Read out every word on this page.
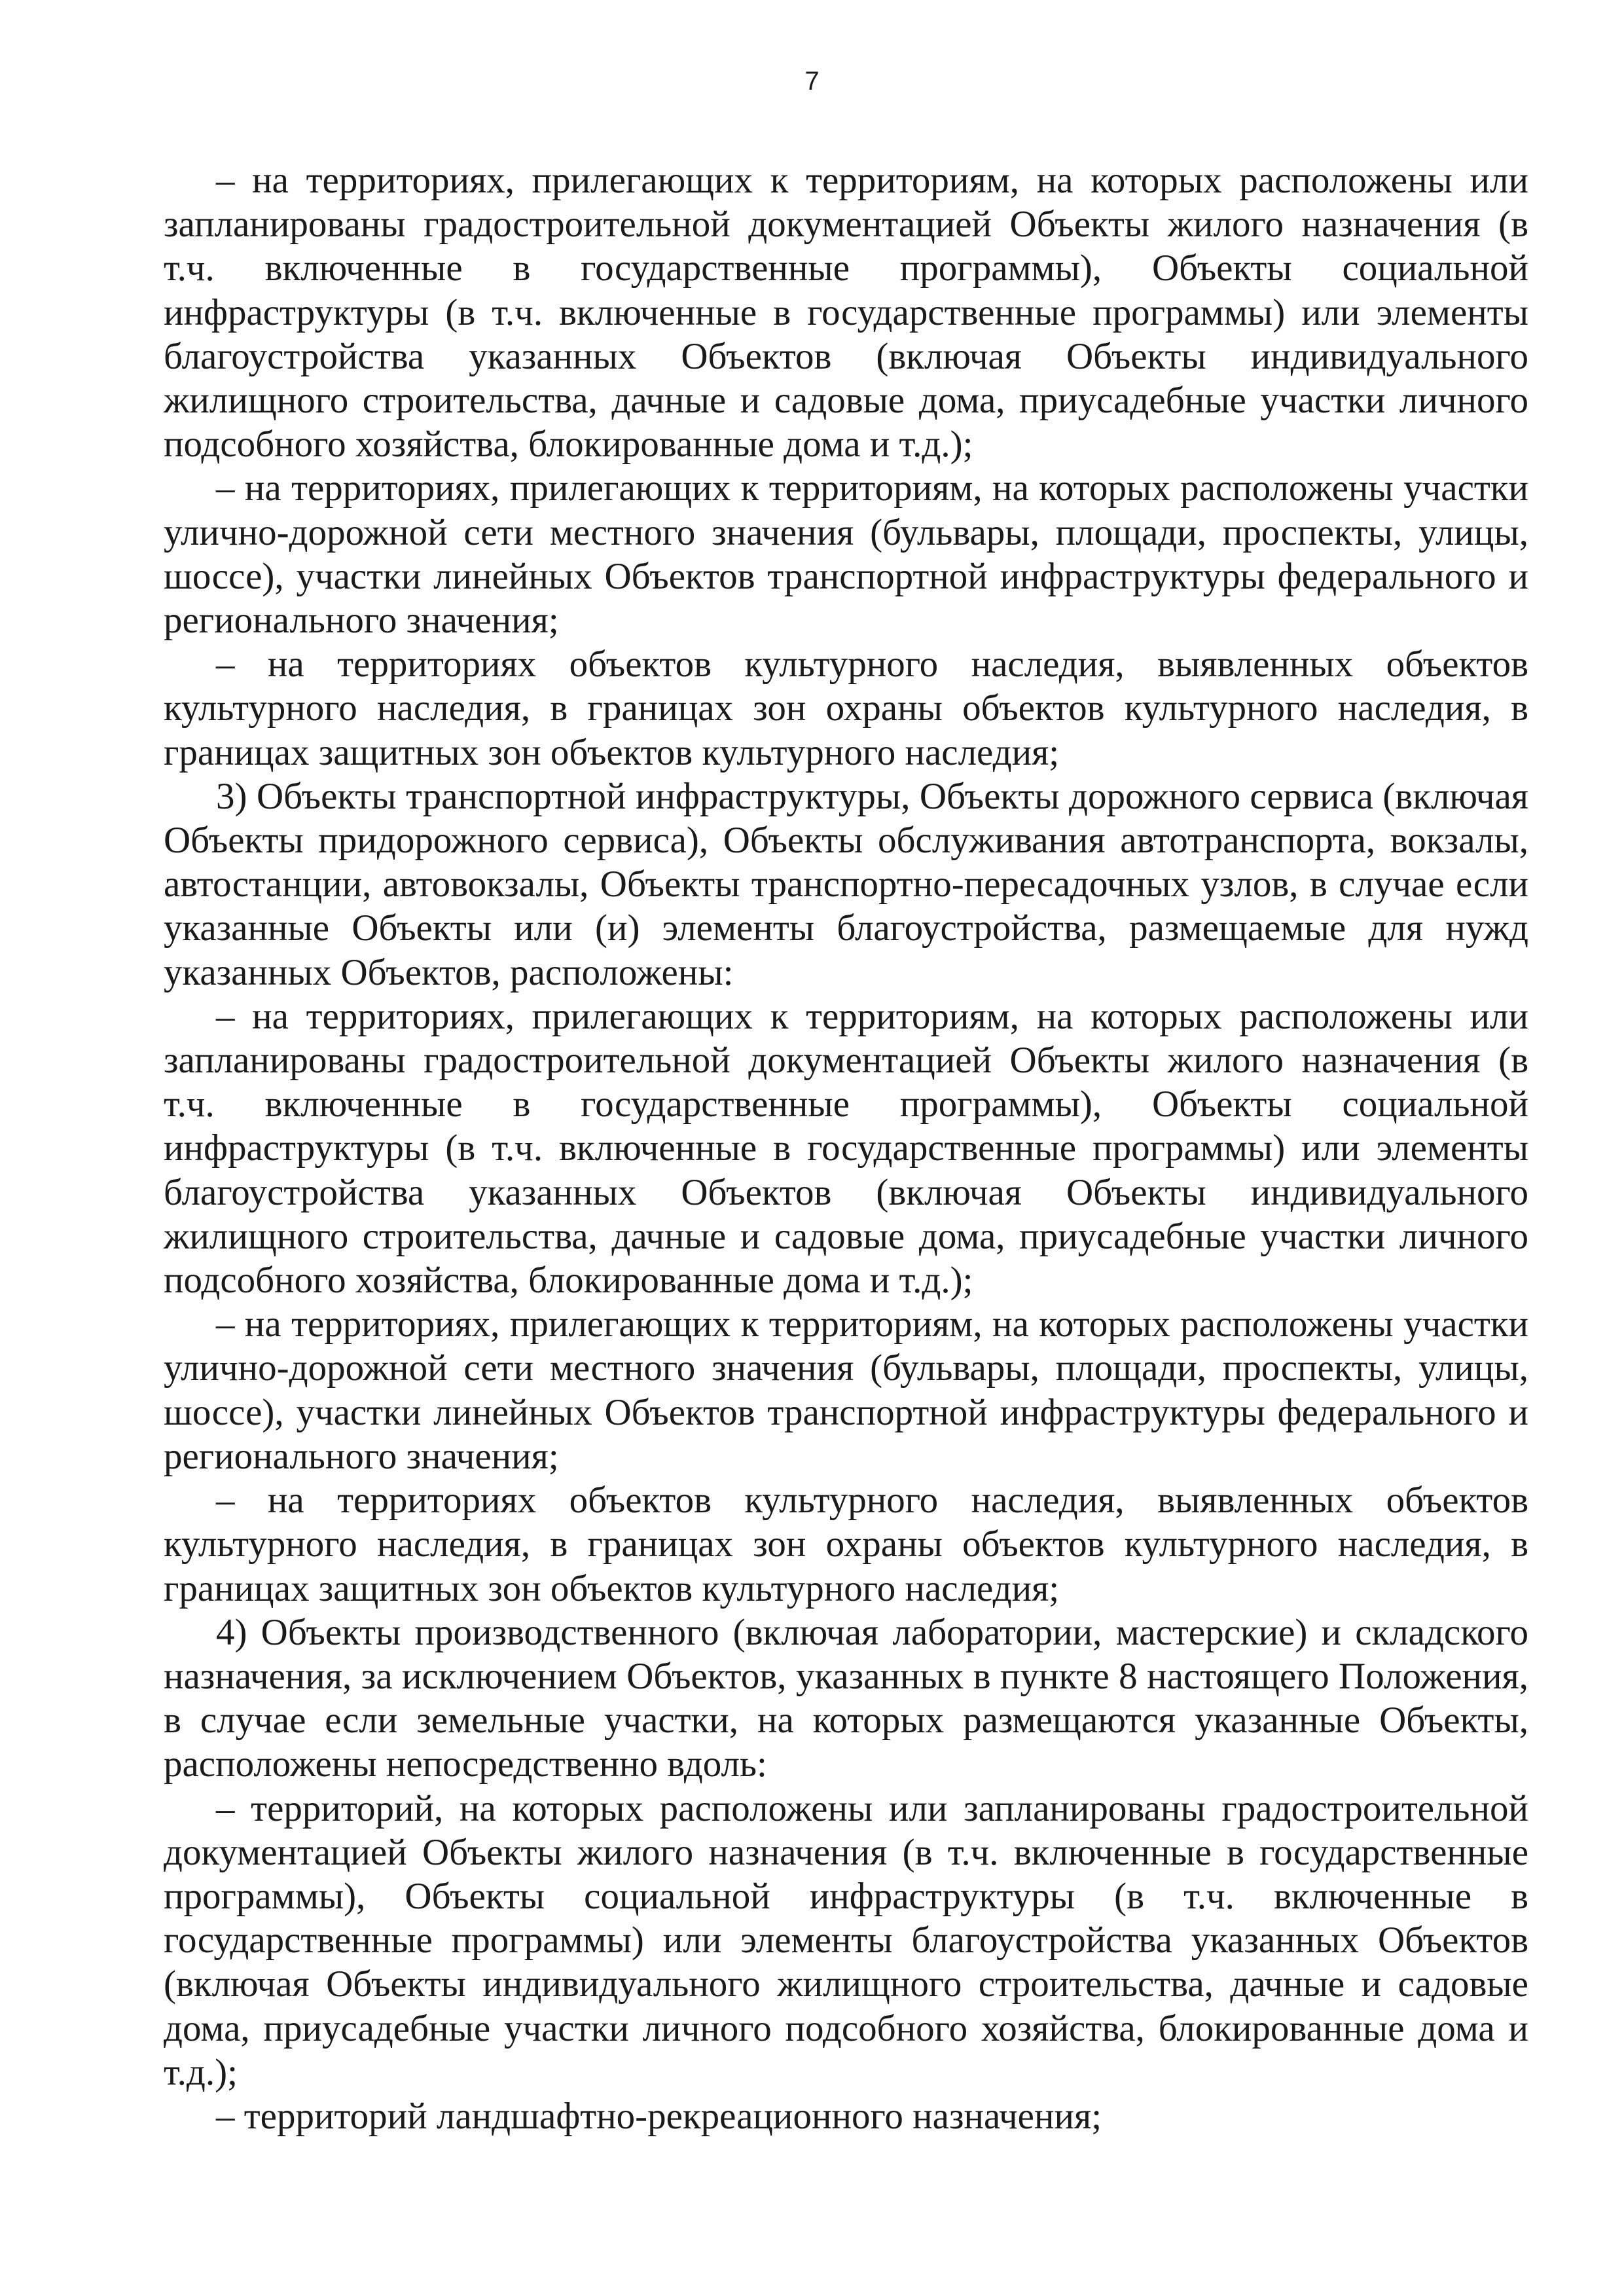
7

– на территориях, прилегающих к территориям, на которых расположены или запланированы градостроительной документацией Объекты жилого назначения (в т.ч. включенные в государственные программы), Объекты социальной инфраструктуры (в т.ч. включенные в государственные программы) или элементы благоустройства указанных Объектов (включая Объекты индивидуального жилищного строительства, дачные и садовые дома, приусадебные участки личного подсобного хозяйства, блокированные дома и т.д.);

– на территориях, прилегающих к территориям, на которых расположены участки улично-дорожной сети местного значения (бульвары, площади, проспекты, улицы, шоссе), участки линейных Объектов транспортной инфраструктуры федерального и регионального значения;

– на территориях объектов культурного наследия, выявленных объектов культурного наследия, в границах зон охраны объектов культурного наследия, в границах защитных зон объектов культурного наследия;

3) Объекты транспортной инфраструктуры, Объекты дорожного сервиса (включая Объекты придорожного сервиса), Объекты обслуживания автотранспорта, вокзалы, автостанции, автовокзалы, Объекты транспортно-пересадочных узлов, в случае если указанные Объекты или (и) элементы благоустройства, размещаемые для нужд указанных Объектов, расположены:

– на территориях, прилегающих к территориям, на которых расположены или запланированы градостроительной документацией Объекты жилого назначения (в т.ч. включенные в государственные программы), Объекты социальной инфраструктуры (в т.ч. включенные в государственные программы) или элементы благоустройства указанных Объектов (включая Объекты индивидуального жилищного строительства, дачные и садовые дома, приусадебные участки личного подсобного хозяйства, блокированные дома и т.д.);

– на территориях, прилегающих к территориям, на которых расположены участки улично-дорожной сети местного значения (бульвары, площади, проспекты, улицы, шоссе), участки линейных Объектов транспортной инфраструктуры федерального и регионального значения;

– на территориях объектов культурного наследия, выявленных объектов культурного наследия, в границах зон охраны объектов культурного наследия, в границах защитных зон объектов культурного наследия;

4) Объекты производственного (включая лаборатории, мастерские) и складского назначения, за исключением Объектов, указанных в пункте 8 настоящего Положения, в случае если земельные участки, на которых размещаются указанные Объекты, расположены непосредственно вдоль:

– территорий, на которых расположены или запланированы градостроительной документацией Объекты жилого назначения (в т.ч. включенные в государственные программы), Объекты социальной инфраструктуры (в т.ч. включенные в государственные программы) или элементы благоустройства указанных Объектов (включая Объекты индивидуального жилищного строительства, дачные и садовые дома, приусадебные участки личного подсобного хозяйства, блокированные дома и т.д.);

– территорий ландшафтно-рекреационного назначения;
